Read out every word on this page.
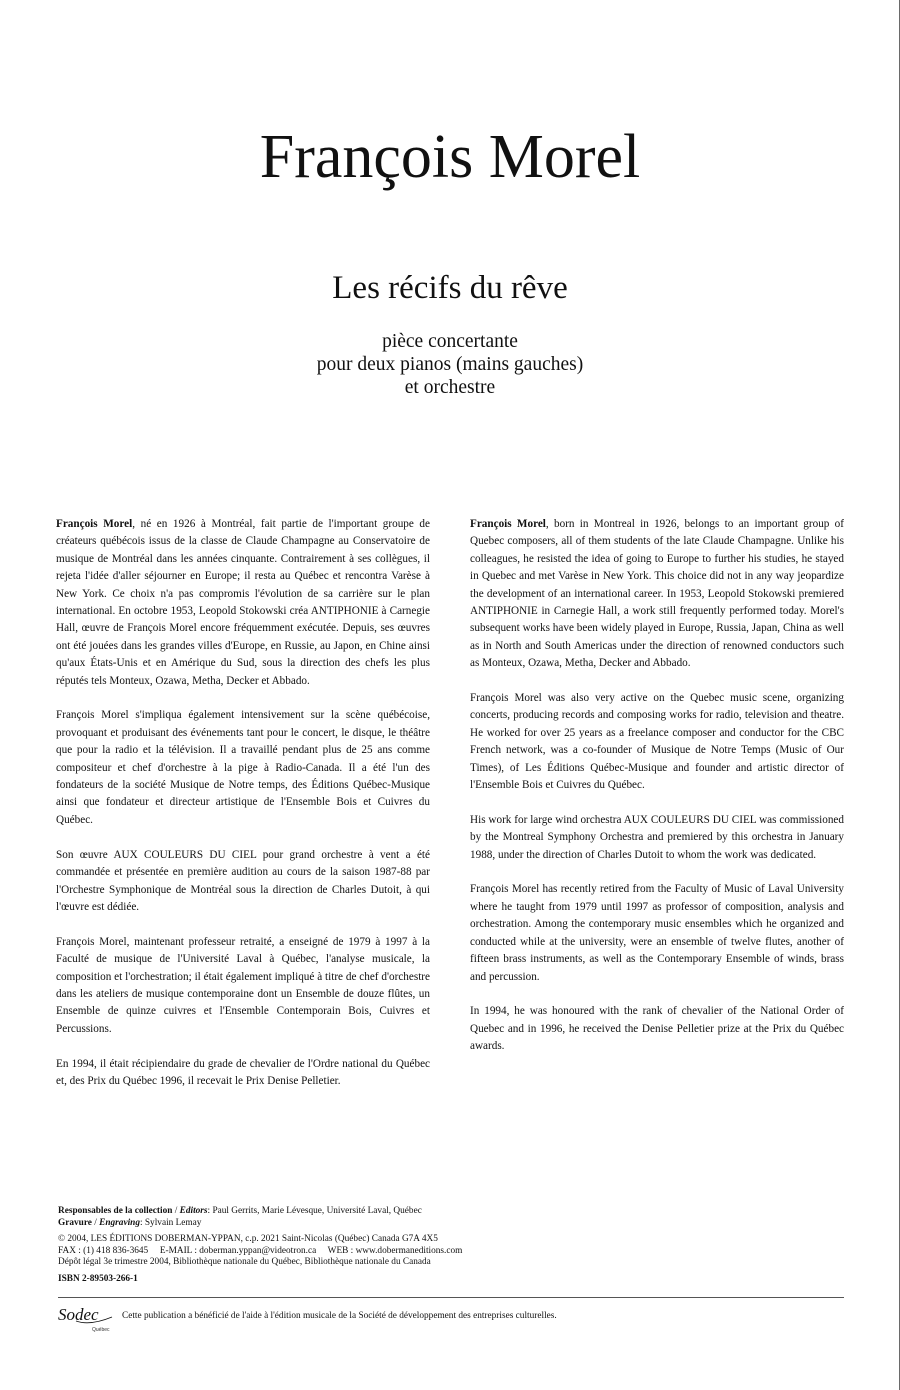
François Morel
Les récifs du rêve
pièce concertante
pour deux pianos (mains gauches)
et orchestre

François Morel, né en 1926 à Montréal, fait partie de l'important groupe de créateurs québécois issus de la classe de Claude Champagne au Conservatoire de musique de Montréal dans les années cinquante. Contrairement à ses collègues, il rejeta l'idée d'aller séjourner en Europe; il resta au Québec et rencontra Varèse à New York. Ce choix n'a pas compromis l'évolution de sa carrière sur le plan international. En octobre 1953, Leopold Stokowski créa ANTIPHONIE à Carnegie Hall, œuvre de François Morel encore fréquemment exécutée. Depuis, ses œuvres ont été jouées dans les grandes villes d'Europe, en Russie, au Japon, en Chine ainsi qu'aux États-Unis et en Amérique du Sud, sous la direction des chefs les plus réputés tels Monteux, Ozawa, Metha, Decker et Abbado.

François Morel s'impliqua également intensivement sur la scène québécoise, provoquant et produisant des événements tant pour le concert, le disque, le théâtre que pour la radio et la télévision. Il a travaillé pendant plus de 25 ans comme compositeur et chef d'orchestre à la pige à Radio-Canada. Il a été l'un des fondateurs de la société Musique de Notre temps, des Éditions Québec-Musique ainsi que fondateur et directeur artistique de l'Ensemble Bois et Cuivres du Québec.

Son œuvre AUX COULEURS DU CIEL pour grand orchestre à vent a été commandée et présentée en première audition au cours de la saison 1987-88 par l'Orchestre Symphonique de Montréal sous la direction de Charles Dutoit, à qui l'œuvre est dédiée.

François Morel, maintenant professeur retraité, a enseigné de 1979 à 1997 à la Faculté de musique de l'Université Laval à Québec, l'analyse musicale, la composition et l'orchestration; il était également impliqué à titre de chef d'orchestre dans les ateliers de musique contemporaine dont un Ensemble de douze flûtes, un Ensemble de quinze cuivres et l'Ensemble Contemporain Bois, Cuivres et Percussions.

En 1994, il était récipiendaire du grade de chevalier de l'Ordre national du Québec et, des Prix du Québec 1996, il recevait le Prix Denise Pelletier.

François Morel, born in Montreal in 1926, belongs to an important group of Quebec composers, all of them students of the late Claude Champagne. Unlike his colleagues, he resisted the idea of going to Europe to further his studies, he stayed in Quebec and met Varèse in New York. This choice did not in any way jeopardize the development of an international career. In 1953, Leopold Stokowski premiered ANTIPHONIE in Carnegie Hall, a work still frequently performed today. Morel's subsequent works have been widely played in Europe, Russia, Japan, China as well as in North and South Americas under the direction of renowned conductors such as Monteux, Ozawa, Metha, Decker and Abbado.

François Morel was also very active on the Quebec music scene, organizing concerts, producing records and composing works for radio, television and theatre. He worked for over 25 years as a freelance composer and conductor for the CBC French network, was a co-founder of Musique de Notre Temps (Music of Our Times), of Les Éditions Québec-Musique and founder and artistic director of l'Ensemble Bois et Cuivres du Québec.

His work for large wind orchestra AUX COULEURS DU CIEL was commissioned by the Montreal Symphony Orchestra and premiered by this orchestra in January 1988, under the direction of Charles Dutoit to whom the work was dedicated.

François Morel has recently retired from the Faculty of Music of Laval University where he taught from 1979 until 1997 as professor of composition, analysis and orchestration. Among the contemporary music ensembles which he organized and conducted while at the university, were an ensemble of twelve flutes, another of fifteen brass instruments, as well as the Contemporary Ensemble of winds, brass and percussion.

In 1994, he was honoured with the rank of chevalier of the National Order of Quebec and in 1996, he received the Denise Pelletier prize at the Prix du Québec awards.

Responsables de la collection / Editors: Paul Gerrits, Marie Lévesque, Université Laval, Québec
Gravure / Engraving: Sylvain Lemay
© 2004, LES ÉDITIONS DOBERMAN-YPPAN, c.p. 2021 Saint-Nicolas (Québec) Canada G7A 4X5
FAX : (1) 418 836-3645     E-MAIL : doberman.yppan@videotron.ca     WEB : www.dobermaneditions.com
Dépôt légal 3e trimestre 2004, Bibliothèque nationale du Québec, Bibliothèque nationale du Canada
ISBN 2-89503-266-1
Sodec
Québec
Cette publication a bénéficié de l'aide à l'édition musicale de la Société de développement des entreprises culturelles.
